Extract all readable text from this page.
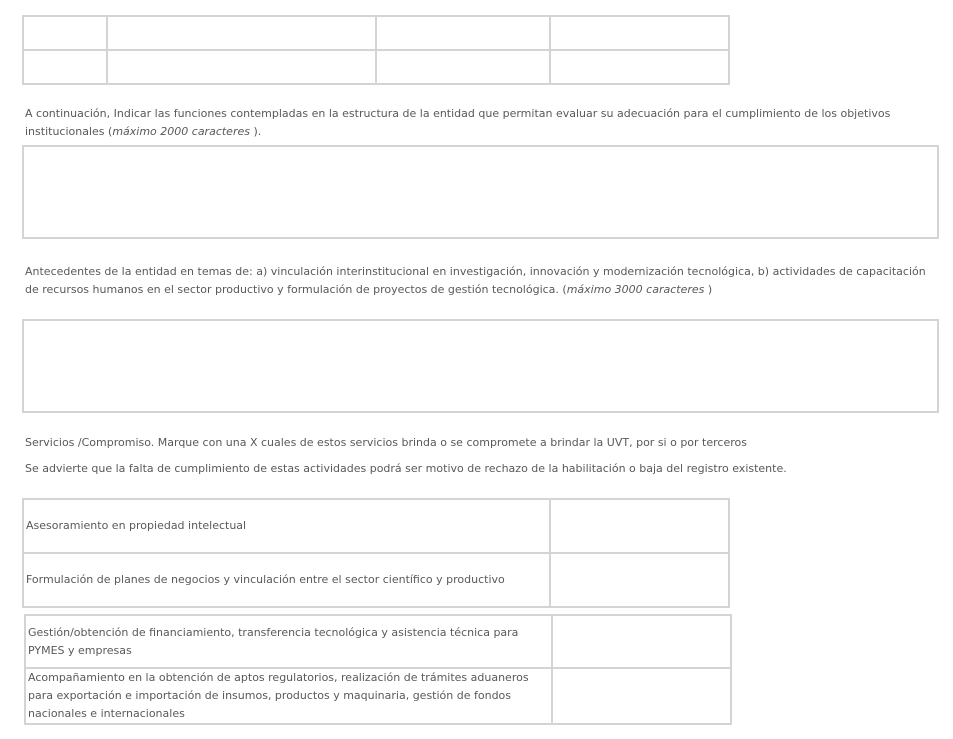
A continuación, Indicar las funciones contempladas en la estructura de la entidad que permitan evaluar su adecuación para el cumplimiento de los objetivos institucionales (máximo 2000 caracteres ).

Antecedentes de la entidad en temas de: a) vinculación interinstitucional en investigación, innovación y modernización tecnológica, b) actividades de capacitación de recursos humanos en el sector productivo y formulación de proyectos de gestión tecnológica. (máximo 3000 caracteres )

Servicios /Compromiso. Marque con una X cuales de estos servicios brinda o se compromete a brindar la UVT, por si o por terceros

Se advierte que la falta de cumplimiento de estas actividades podrá ser motivo de rechazo de la habilitación o baja del registro existente.

Asesoramiento en propiedad intelectual	
Formulación de planes de negocios y vinculación entre el sector científico y productivo	
Gestión/obtención de financiamiento, transferencia tecnológica y asistencia técnica para PYMES y empresas	
Acompañamiento en la obtención de aptos regulatorios, realización de trámites aduaneros para exportación e importación de insumos, productos y maquinaria, gestión de fondos nacionales e internacionales	
